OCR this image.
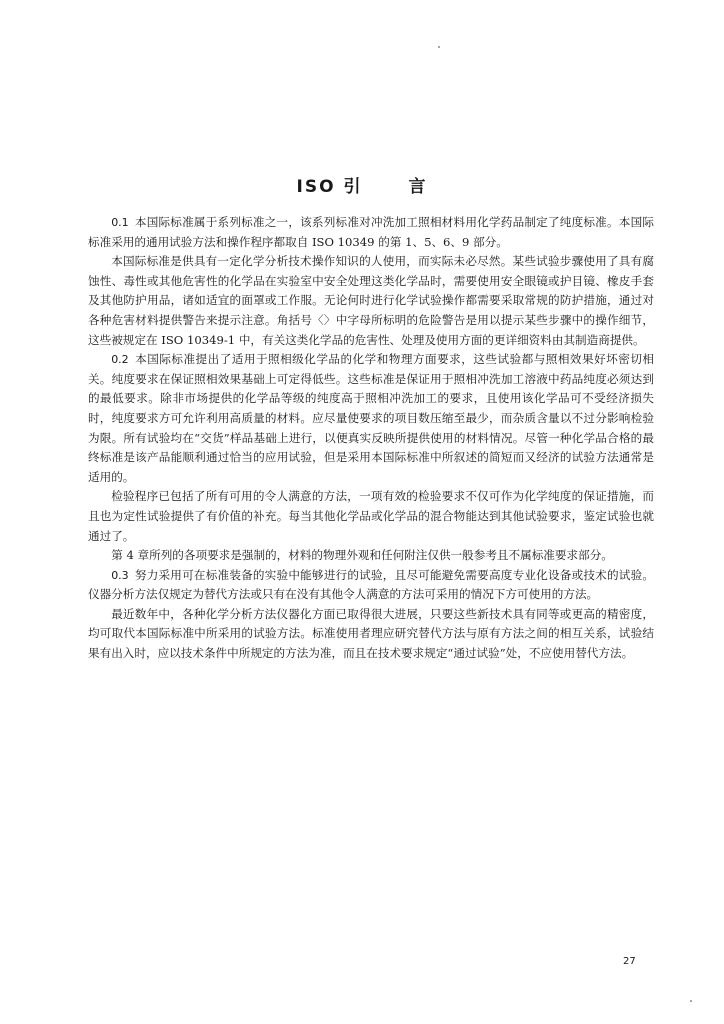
ISO 引	言

0.1 本国际标准属于系列标准之一，该系列标准对冲洗加工照相材料用化学药品制定了纯度标准。本国际标准采用的通用试验方法和操作程序都取自 ISO 10349 的第 1、5、6、9 部分。

本国际标准是供具有一定化学分析技术操作知识的人使用，而实际未必尽然。某些试验步骤使用了具有腐蚀性、毒性或其他危害性的化学品在实验室中安全处理这类化学品时，需要使用安全眼镜或护目镜、橡皮手套及其他防护用品，诸如适宜的面罩或工作服。无论何时进行化学试验操作都需要采取常规的防护措施，通过对各种危害材料提供警告来提示注意。角括号〈〉中字母所标明的危险警告是用以提示某些步骤中的操作细节，这些被规定在 ISO 10349-1 中，有关这类化学品的危害性、处理及使用方面的更详细资料由其制造商提供。

0.2 本国际标准提出了适用于照相级化学品的化学和物理方面要求，这些试验都与照相效果好坏密切相关。纯度要求在保证照相效果基础上可定得低些。这些标准是保证用于照相冲洗加工溶液中药品纯度必须达到的最低要求。除非市场提供的化学品等级的纯度高于照相冲洗加工的要求，且使用该化学品可不受经济损失时，纯度要求方可允许利用高质量的材料。应尽量使要求的项目数压缩至最少，而杂质含量以不过分影响检验为限。所有试验均在“交货”样品基础上进行，以便真实反映所提供使用的材料情况。尽管一种化学品合格的最终标准是该产品能顺利通过恰当的应用试验，但是采用本国际标准中所叙述的简短而又经济的试验方法通常是适用的。

检验程序已包括了所有可用的令人满意的方法，一项有效的检验要求不仅可作为化学纯度的保证措施，而且也为定性试验提供了有价值的补充。每当其他化学品或化学品的混合物能达到其他试验要求，鉴定试验也就通过了。

第 4 章所列的各项要求是强制的，材料的物理外观和任何附注仅供一般参考且不属标准要求部分。

0.3 努力采用可在标准装备的实验中能够进行的试验，且尽可能避免需要高度专业化设备或技术的试验。仪器分析方法仅规定为替代方法或只有在没有其他令人满意的方法可采用的情况下方可使用的方法。

最近数年中，各种化学分析方法仪器化方面已取得很大进展，只要这些新技术具有同等或更高的精密度，均可取代本国际标准中所采用的试验方法。标准使用者理应研究替代方法与原有方法之间的相互关系，试验结果有出入时，应以技术条件中所规定的方法为准，而且在技术要求规定“通过试验”处，不应使用替代方法。

27
